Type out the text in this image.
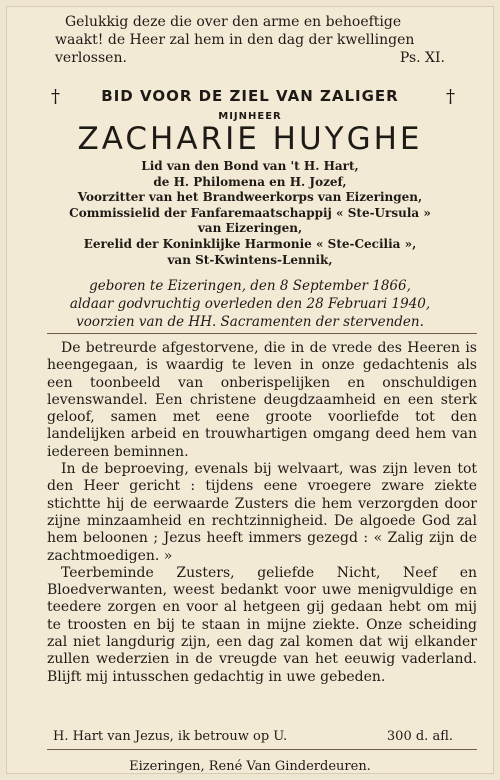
Gelukkig deze die over den arme en behoeftige
waakt! de Heer zal hem in den dag der kwellingen
verlossen.	Ps. XI.
†	†
BID VOOR DE ZIEL VAN ZALIGER
MIJNHEER
ZACHARIE HUYGHE
Lid van den Bond van 't H. Hart,
de H. Philomena en H. Jozef,
Voorzitter van het Brandweerkorps van Eizeringen,
Commissielid der Fanfaremaatschappij « Ste-Ursula »
van Eizeringen,
Eerelid der Koninklijke Harmonie « Ste-Cecilia »,
van St-Kwintens-Lennik,
geboren te Eizeringen, den 8 September 1866,
aldaar godvruchtig overleden den 28 Februari 1940,
voorzien van de HH. Sacramenten der stervenden.

De betreurde afgestorvene, die in de vrede des Heeren is heengegaan, is waardig te leven in onze gedachtenis als een toonbeeld van onberispelijken en onschuldigen levenswandel. Een christene deugdzaamheid en een sterk geloof, samen met eene groote voorliefde tot den landelijken arbeid en trouwhartigen omgang deed hem van iedereen beminnen.

In de beproeving, evenals bij welvaart, was zijn leven tot den Heer gericht : tijdens eene vroegere zware ziekte stichtte hij de eerwaarde Zusters die hem verzorgden door zijne minzaamheid en rechtzinnigheid. De algoede God zal hem beloonen ; Jezus heeft immers gezegd : « Zalig zijn de zachtmoedigen. »

Teerbeminde Zusters, geliefde Nicht, Neef en Bloedverwanten, weest bedankt voor uwe menigvuldige en teedere zorgen en voor al hetgeen gij gedaan hebt om mij te troosten en bij te staan in mijne ziekte. Onze scheiding zal niet langdurig zijn, een dag zal komen dat wij elkander zullen wederzien in de vreugde van het eeuwig vaderland. Blijft mij intusschen gedachtig in uwe gebeden.

H. Hart van Jezus, ik betrouw op U.	300 d. afl.
Eizeringen, René Van Ginderdeuren.
